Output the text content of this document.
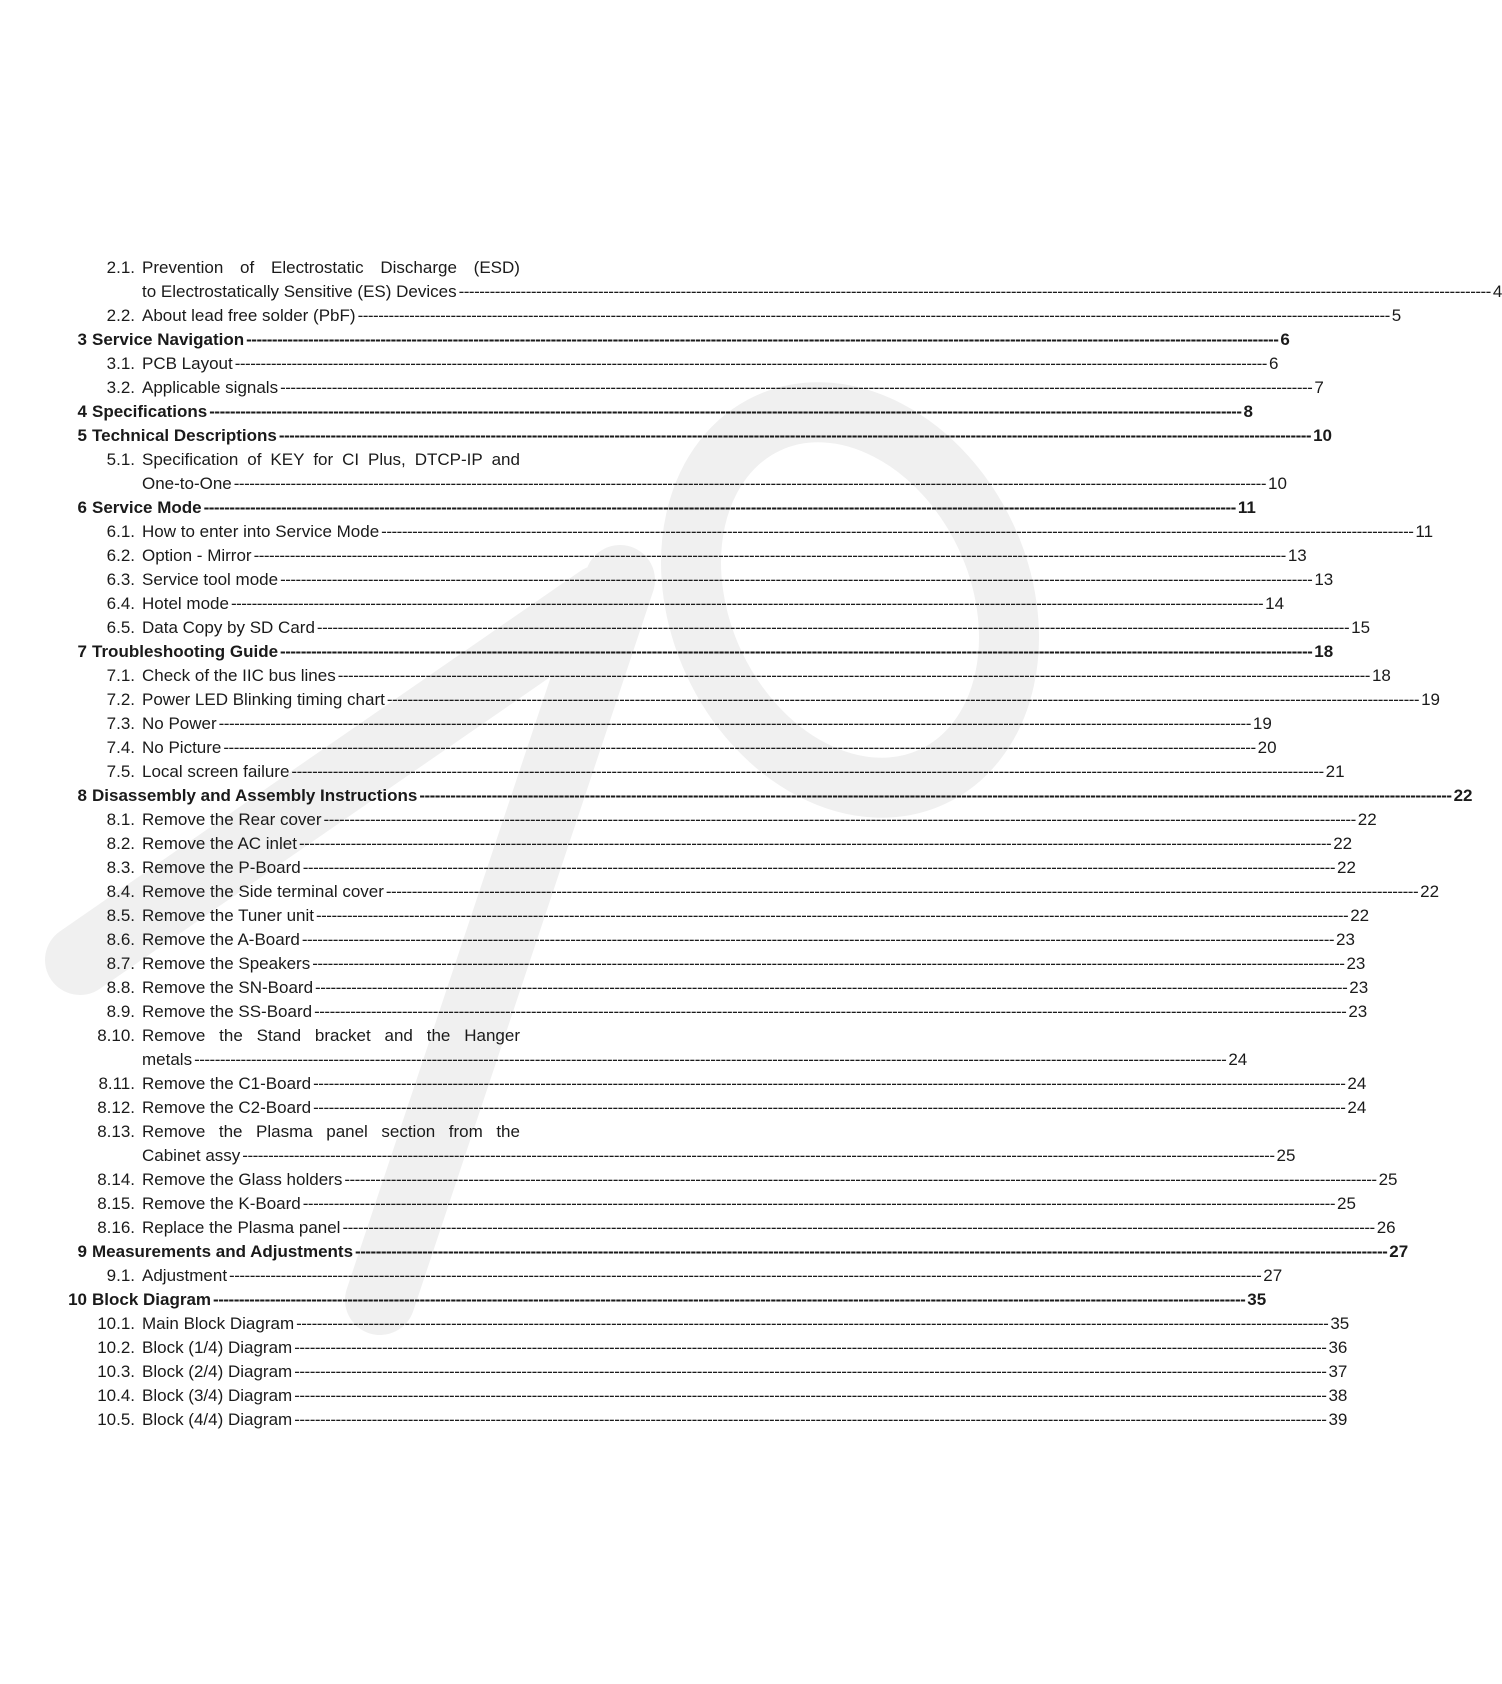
2.1. Prevention of Electrostatic Discharge (ESD)
to Electrostatically Sensitive (ES) Devices -------------------------------------------------------------------------------------------------------------------------------------------------------------------------------------------------------- 4
2.2. About lead free solder (PbF) -------------------------------------------------------------------------------------------------------------------------------------------------------------------------------------------------------- 5
3 Service Navigation -------------------------------------------------------------------------------------------------------------------------------------------------------------------------------------------------------- 6
3.1. PCB Layout -------------------------------------------------------------------------------------------------------------------------------------------------------------------------------------------------------- 6
3.2. Applicable signals -------------------------------------------------------------------------------------------------------------------------------------------------------------------------------------------------------- 7
4 Specifications -------------------------------------------------------------------------------------------------------------------------------------------------------------------------------------------------------- 8
5 Technical Descriptions -------------------------------------------------------------------------------------------------------------------------------------------------------------------------------------------------------- 10
5.1. Specification of KEY for CI Plus, DTCP-IP and
One-to-One -------------------------------------------------------------------------------------------------------------------------------------------------------------------------------------------------------- 10
6 Service Mode -------------------------------------------------------------------------------------------------------------------------------------------------------------------------------------------------------- 11
6.1. How to enter into Service Mode -------------------------------------------------------------------------------------------------------------------------------------------------------------------------------------------------------- 11
6.2. Option - Mirror -------------------------------------------------------------------------------------------------------------------------------------------------------------------------------------------------------- 13
6.3. Service tool mode -------------------------------------------------------------------------------------------------------------------------------------------------------------------------------------------------------- 13
6.4. Hotel mode -------------------------------------------------------------------------------------------------------------------------------------------------------------------------------------------------------- 14
6.5. Data Copy by SD Card -------------------------------------------------------------------------------------------------------------------------------------------------------------------------------------------------------- 15
7 Troubleshooting Guide -------------------------------------------------------------------------------------------------------------------------------------------------------------------------------------------------------- 18
7.1. Check of the IIC bus lines -------------------------------------------------------------------------------------------------------------------------------------------------------------------------------------------------------- 18
7.2. Power LED Blinking timing chart -------------------------------------------------------------------------------------------------------------------------------------------------------------------------------------------------------- 19
7.3. No Power -------------------------------------------------------------------------------------------------------------------------------------------------------------------------------------------------------- 19
7.4. No Picture -------------------------------------------------------------------------------------------------------------------------------------------------------------------------------------------------------- 20
7.5. Local screen failure -------------------------------------------------------------------------------------------------------------------------------------------------------------------------------------------------------- 21
8 Disassembly and Assembly Instructions -------------------------------------------------------------------------------------------------------------------------------------------------------------------------------------------------------- 22
8.1. Remove the Rear cover -------------------------------------------------------------------------------------------------------------------------------------------------------------------------------------------------------- 22
8.2. Remove the AC inlet -------------------------------------------------------------------------------------------------------------------------------------------------------------------------------------------------------- 22
8.3. Remove the P-Board -------------------------------------------------------------------------------------------------------------------------------------------------------------------------------------------------------- 22
8.4. Remove the Side terminal cover -------------------------------------------------------------------------------------------------------------------------------------------------------------------------------------------------------- 22
8.5. Remove the Tuner unit -------------------------------------------------------------------------------------------------------------------------------------------------------------------------------------------------------- 22
8.6. Remove the A-Board -------------------------------------------------------------------------------------------------------------------------------------------------------------------------------------------------------- 23
8.7. Remove the Speakers -------------------------------------------------------------------------------------------------------------------------------------------------------------------------------------------------------- 23
8.8. Remove the SN-Board -------------------------------------------------------------------------------------------------------------------------------------------------------------------------------------------------------- 23
8.9. Remove the SS-Board -------------------------------------------------------------------------------------------------------------------------------------------------------------------------------------------------------- 23
8.10. Remove the Stand bracket and the Hanger
metals -------------------------------------------------------------------------------------------------------------------------------------------------------------------------------------------------------- 24
8.11. Remove the C1-Board -------------------------------------------------------------------------------------------------------------------------------------------------------------------------------------------------------- 24
8.12. Remove the C2-Board -------------------------------------------------------------------------------------------------------------------------------------------------------------------------------------------------------- 24
8.13. Remove the Plasma panel section from the
Cabinet assy -------------------------------------------------------------------------------------------------------------------------------------------------------------------------------------------------------- 25
8.14. Remove the Glass holders -------------------------------------------------------------------------------------------------------------------------------------------------------------------------------------------------------- 25
8.15. Remove the K-Board -------------------------------------------------------------------------------------------------------------------------------------------------------------------------------------------------------- 25
8.16. Replace the Plasma panel -------------------------------------------------------------------------------------------------------------------------------------------------------------------------------------------------------- 26
9 Measurements and Adjustments -------------------------------------------------------------------------------------------------------------------------------------------------------------------------------------------------------- 27
9.1. Adjustment -------------------------------------------------------------------------------------------------------------------------------------------------------------------------------------------------------- 27
10 Block Diagram -------------------------------------------------------------------------------------------------------------------------------------------------------------------------------------------------------- 35
10.1. Main Block Diagram -------------------------------------------------------------------------------------------------------------------------------------------------------------------------------------------------------- 35
10.2. Block (1/4) Diagram -------------------------------------------------------------------------------------------------------------------------------------------------------------------------------------------------------- 36
10.3. Block (2/4) Diagram -------------------------------------------------------------------------------------------------------------------------------------------------------------------------------------------------------- 37
10.4. Block (3/4) Diagram -------------------------------------------------------------------------------------------------------------------------------------------------------------------------------------------------------- 38
10.5. Block (4/4) Diagram -------------------------------------------------------------------------------------------------------------------------------------------------------------------------------------------------------- 39
